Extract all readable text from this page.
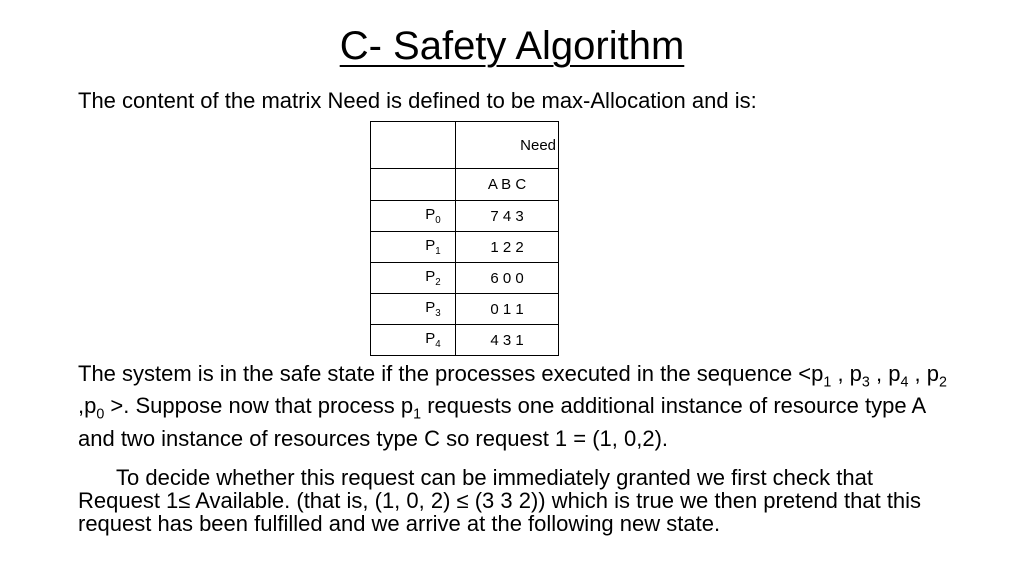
C- Safety Algorithm
The content of the matrix Need is defined to be max-Allocation and is:

	Need

	A B C
$P_0$	7 4 3
$P_1$	1 2 2
$P_2$	6 0 0
$P_3$	0 1 1
$P_4$	4 3 1
The system is in the safe state if the processes executed in the sequence $<p_1$ , $p_3$ , $p_4$ , $p_2$ $,p_0$ >. Suppose now that process $p_1$ requests one additional instance of resource type A and two instance of resources type C so request 1 = (1, 0,2).
To decide whether this request can be immediately granted we first check that Request 1≤ Available. (that is, (1, 0, 2) ≤ (3 3 2)) which is true we then pretend that this request has been fulfilled and we arrive at the following new state.
